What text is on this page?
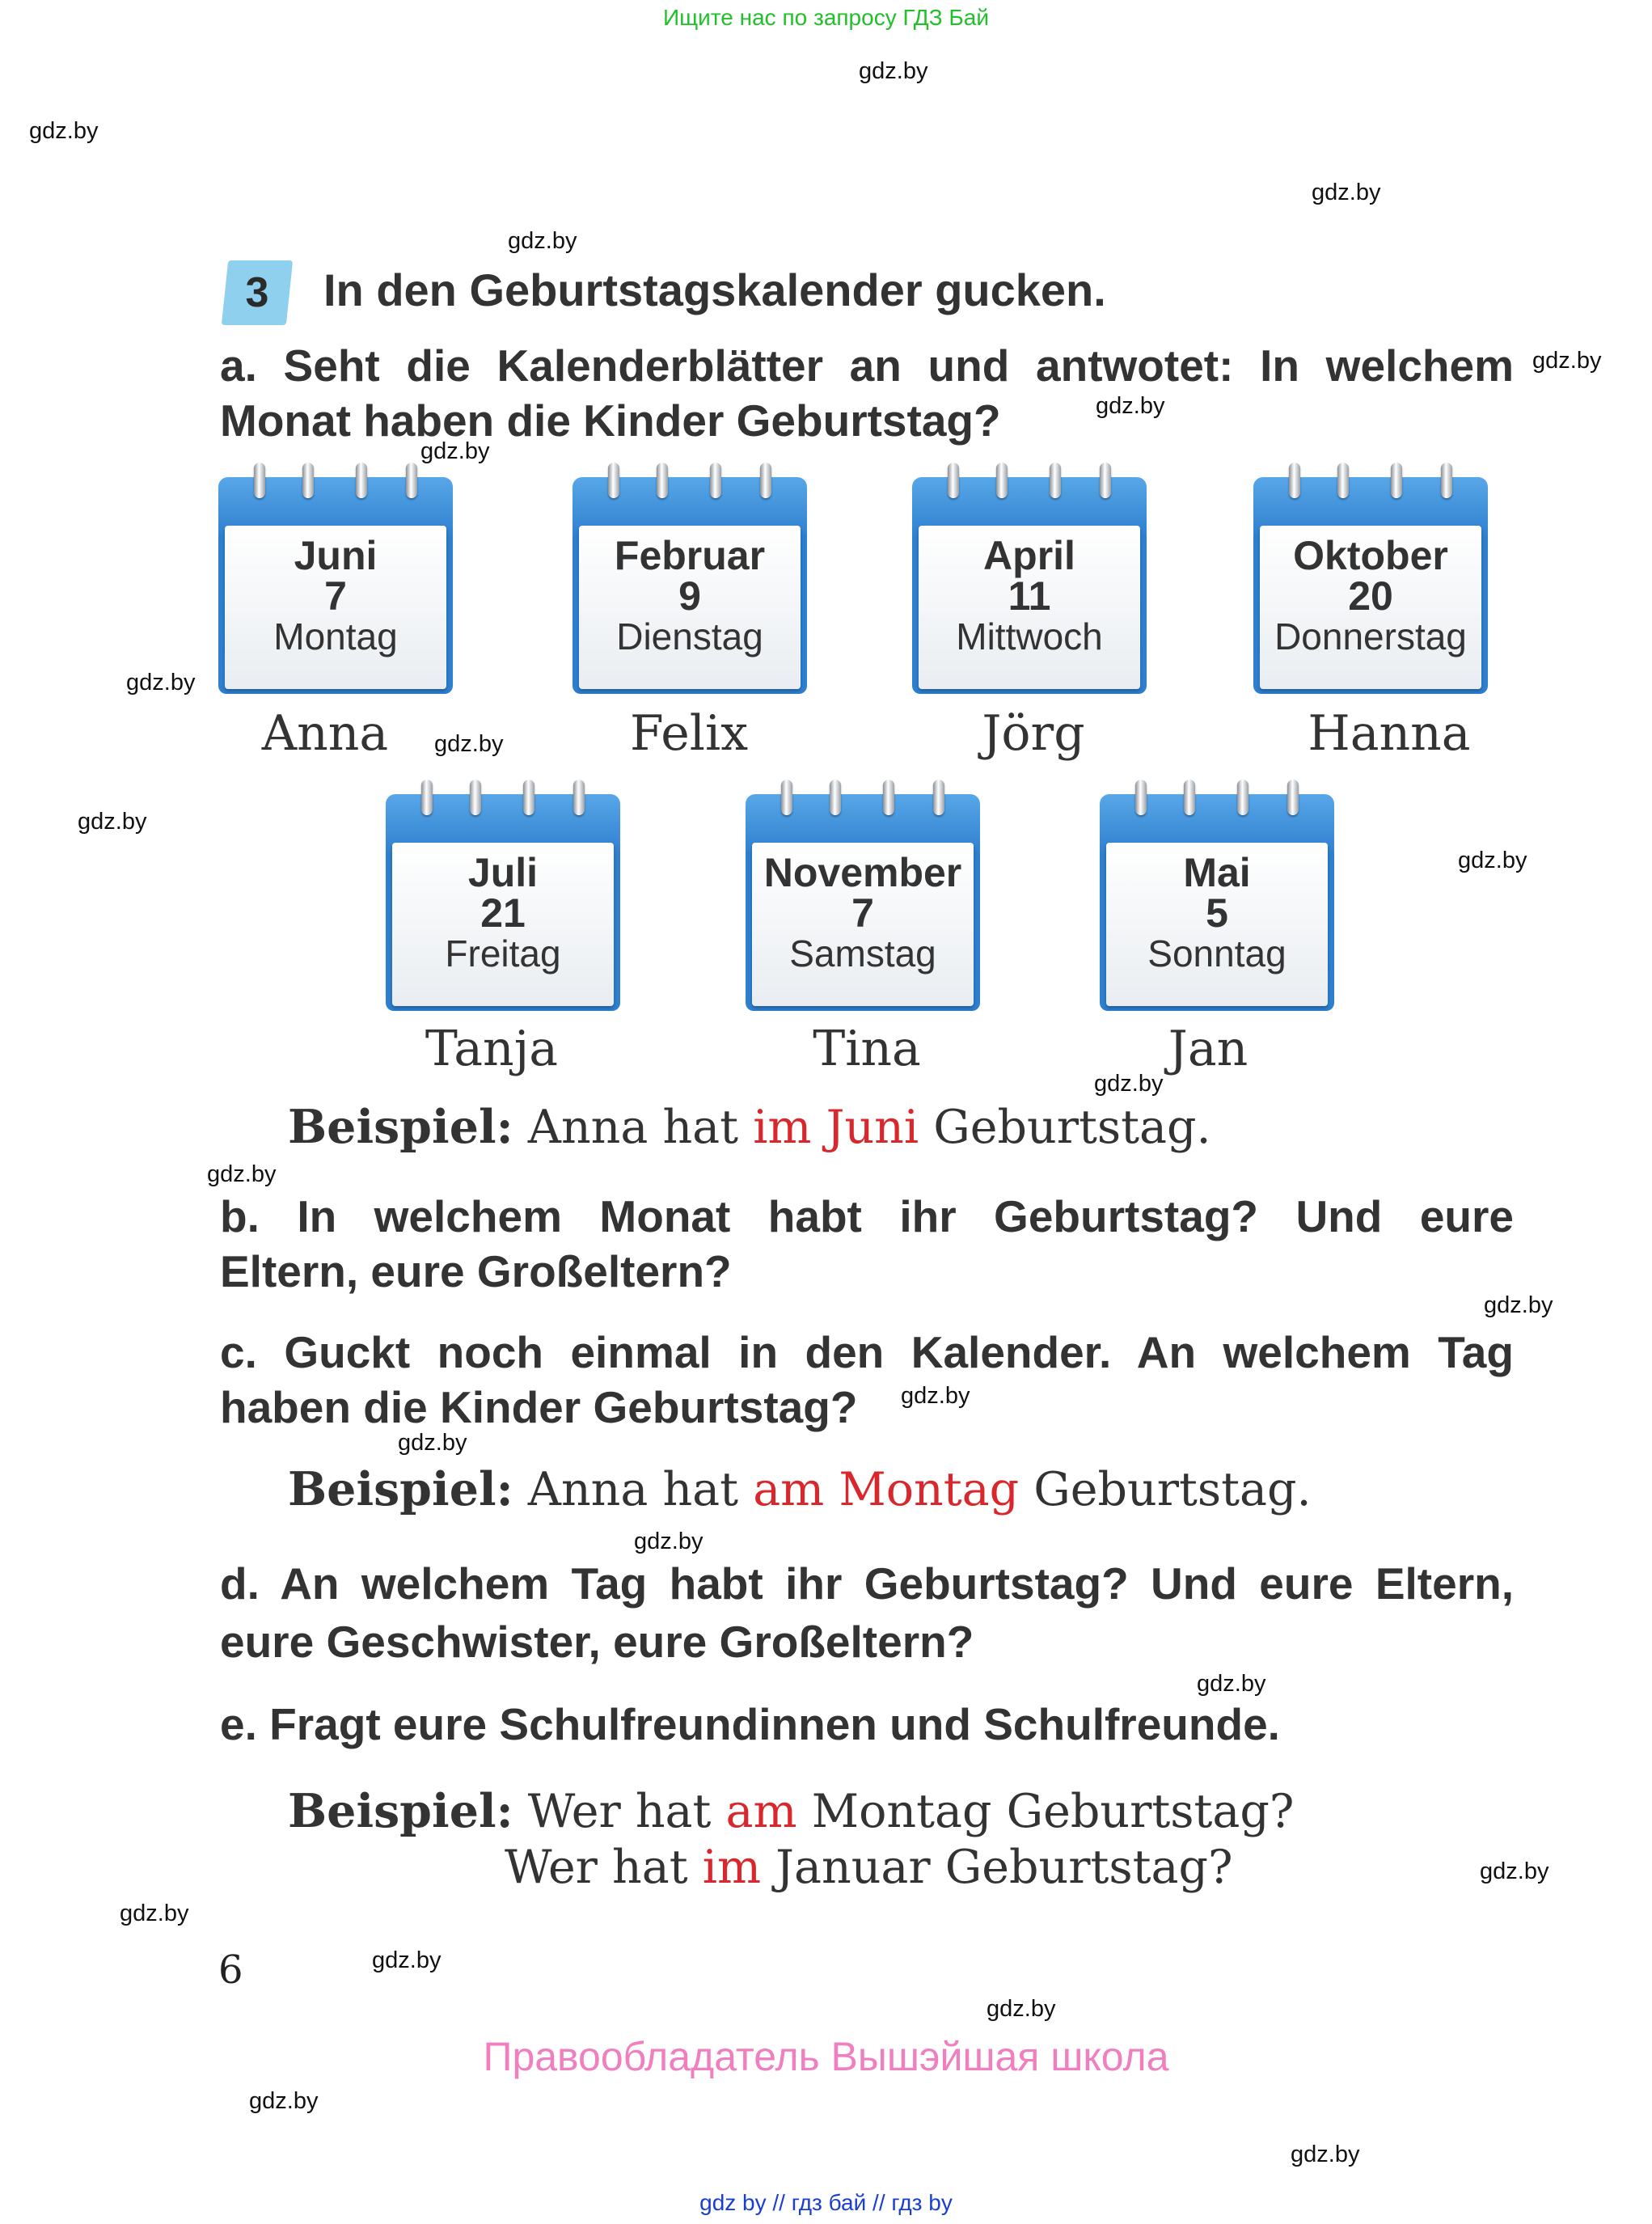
Ищите нас по запросу ГДЗ Бай
gdz.by
gdz.by
gdz.by
gdz.by
gdz.by
gdz.by
gdz.by
gdz.by
gdz.by
gdz.by
gdz.by
gdz.by
gdz.by
gdz.by
gdz.by
gdz.by
gdz.by
gdz.by
gdz.by
gdz.by
gdz.by
gdz.by
gdz.by
gdz.by
3	In den Geburtstagskalender gucken.
a. Seht die Kalenderblätter an und antwotet: In welchem
Monat haben die Kinder Geburtstag?
Juni
7
Montag
Anna
Februar
9
Dienstag
Felix
April
11
Mittwoch
Jörg
Oktober
20
Donnerstag
Hanna
Juli
21
Freitag
Tanja
November
7
Samstag
Tina
Mai
5
Sonntag
Jan
Beispiel: Anna hat im Juni Geburtstag.
b. In welchem Monat habt ihr Geburtstag? Und eure
Eltern, eure Großeltern?
c. Guckt noch einmal in den Kalender. An welchem Tag
haben die Kinder Geburtstag?
Beispiel: Anna hat am Montag Geburtstag.
d. An welchem Tag habt ihr Geburtstag? Und eure Eltern,
eure Geschwister, eure Großeltern?
e. Fragt eure Schulfreundinnen und Schulfreunde.
Beispiel: Wer hat am Montag Geburtstag?
Wer hat im Januar Geburtstag?
6
Правообладатель Вышэйшая школа
gdz by // гдз бай // гдз by
